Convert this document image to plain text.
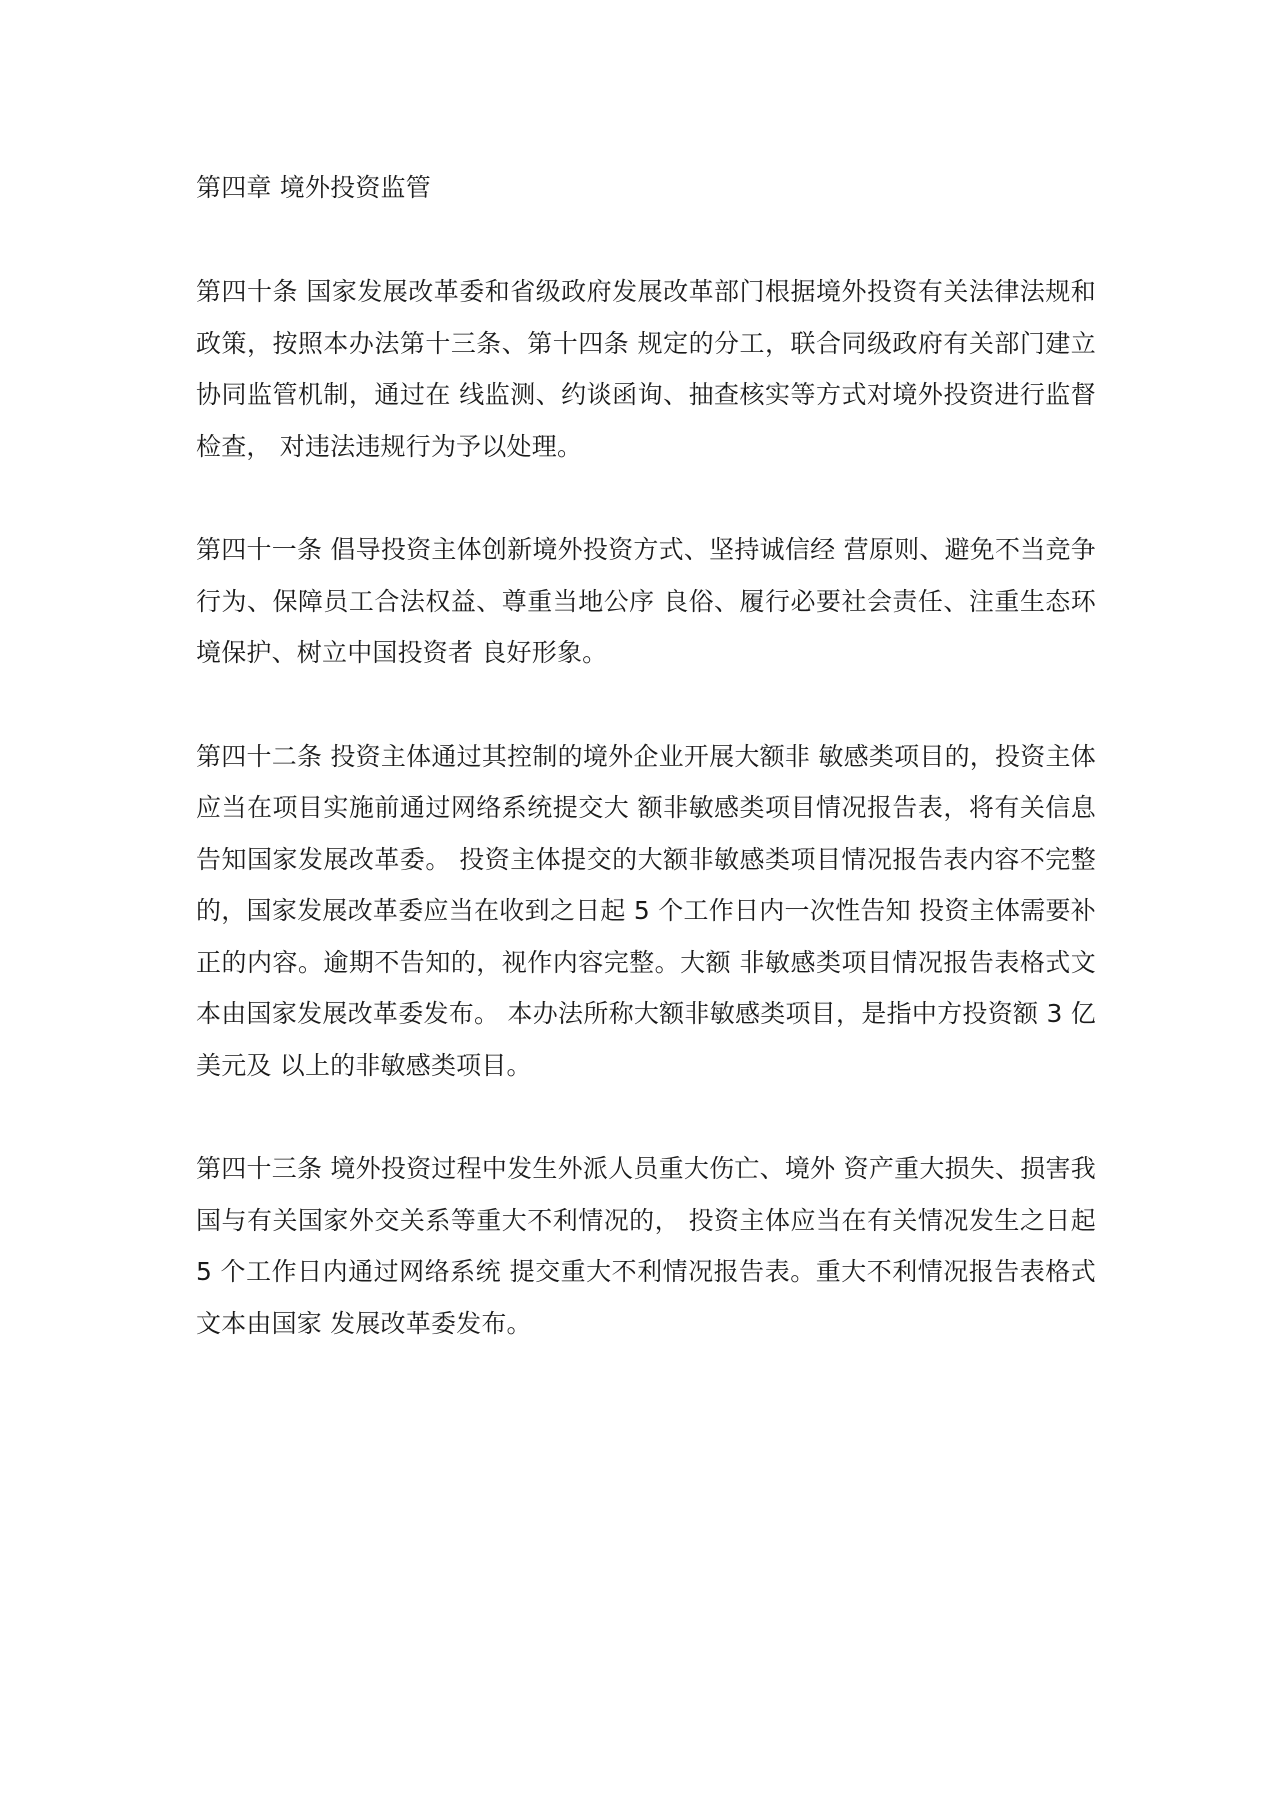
第四章 境外投资监管

第四十条 国家发展改革委和省级政府发展改革部门根据境外投资有关法律法规和政策，按照本办法第十三条、第十四条 规定的分工，联合同级政府有关部门建立协同监管机制，通过在 线监测、约谈函询、抽查核实等方式对境外投资进行监督检查， 对违法违规行为予以处理。

第四十一条 倡导投资主体创新境外投资方式、坚持诚信经 营原则、避免不当竞争行为、保障员工合法权益、尊重当地公序 良俗、履行必要社会责任、注重生态环境保护、树立中国投资者 良好形象。

第四十二条 投资主体通过其控制的境外企业开展大额非 敏感类项目的，投资主体应当在项目实施前通过网络系统提交大 额非敏感类项目情况报告表，将有关信息告知国家发展改革委。 投资主体提交的大额非敏感类项目情况报告表内容不完整 的，国家发展改革委应当在收到之日起 5 个工作日内一次性告知 投资主体需要补正的内容。逾期不告知的，视作内容完整。大额 非敏感类项目情况报告表格式文本由国家发展改革委发布。 本办法所称大额非敏感类项目，是指中方投资额 3 亿美元及 以上的非敏感类项目。

第四十三条 境外投资过程中发生外派人员重大伤亡、境外 资产重大损失、损害我国与有关国家外交关系等重大不利情况的， 投资主体应当在有关情况发生之日起 5 个工作日内通过网络系统 提交重大不利情况报告表。重大不利情况报告表格式文本由国家 发展改革委发布。
